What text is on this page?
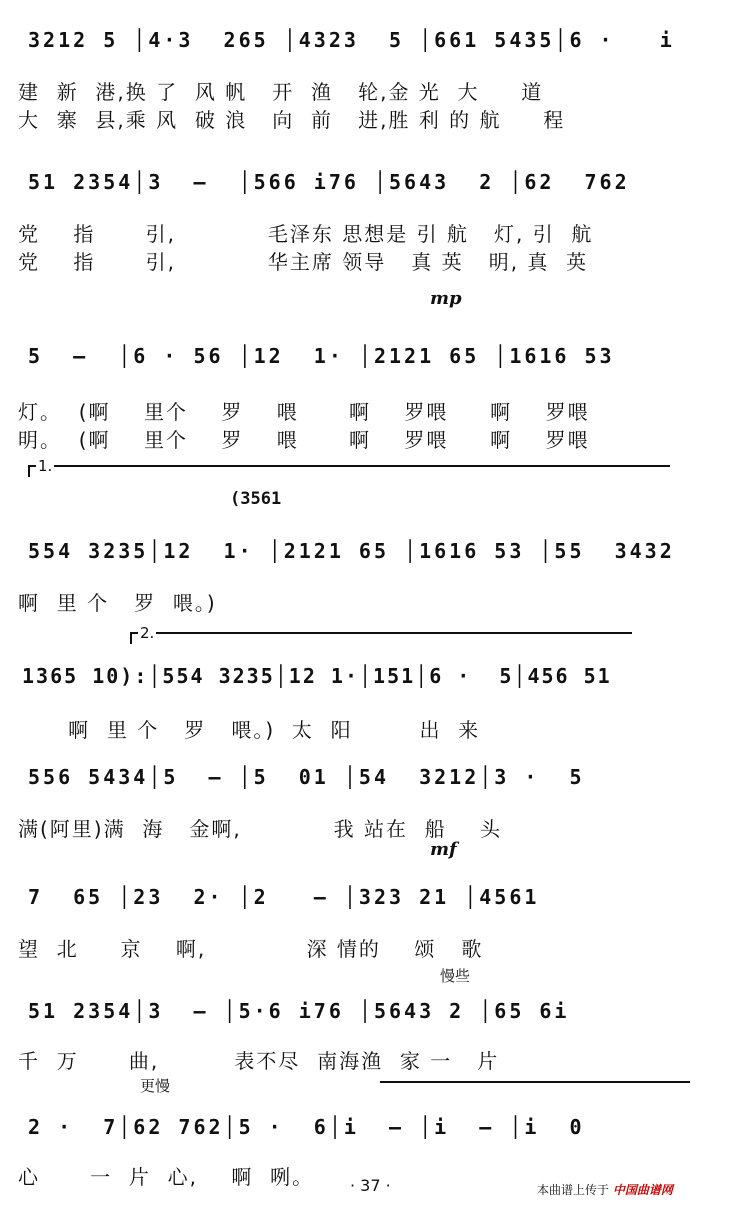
3212 5 │4·3  265 │4323  5 │661 5435│6 ·   i
建  新  港,换 了  风 帆   开  渔   轮,金 光  大     道
大  寨  县,乘 风  破 浪   向  前   进,胜 利 的 航     程
51 2354│3  —  │566 i76 │5643  2 │62  762
党    指      引,           毛泽东 思想是 引 航   灯, 引  航
党    指      引,           华主席 领导   真 英   明, 真  英
mp
5  —  │6 · 56 │12  1· │2121 65 │1616 53
灯。  (啊    里个    罗    喂      啊    罗喂     啊    罗喂
明。  (啊    里个    罗    喂      啊    罗喂     啊    罗喂
1.
(3561
554 3235│12  1· │2121 65 │1616 53 │55  3432
啊  里 个   罗  喂。)
2.
1365 10):│554 3235│12 1·│151│6 ·  5│456 51
啊  里 个   罗   喂。)  太  阳        出  来
556 5434│5  — │5  01 │54  3212│3 ·  5
满(阿里)满  海   金啊,           我 站在  船    头
mf
7  65 │23  2· │2   — │323 21 │4561
望  北     京    啊,            深 情的    颂   歌
慢些
51 2354│3  — │5·6 i76 │5643 2 │65 6i
千  万      曲,         表不尽  南海渔  家 一   片
更慢
2 ·  7│62 762│5 ·  6│i  — │i  — │i  0
心      一  片  心,    啊  咧。	· 37 ·	本曲谱上传于 中国曲谱网
